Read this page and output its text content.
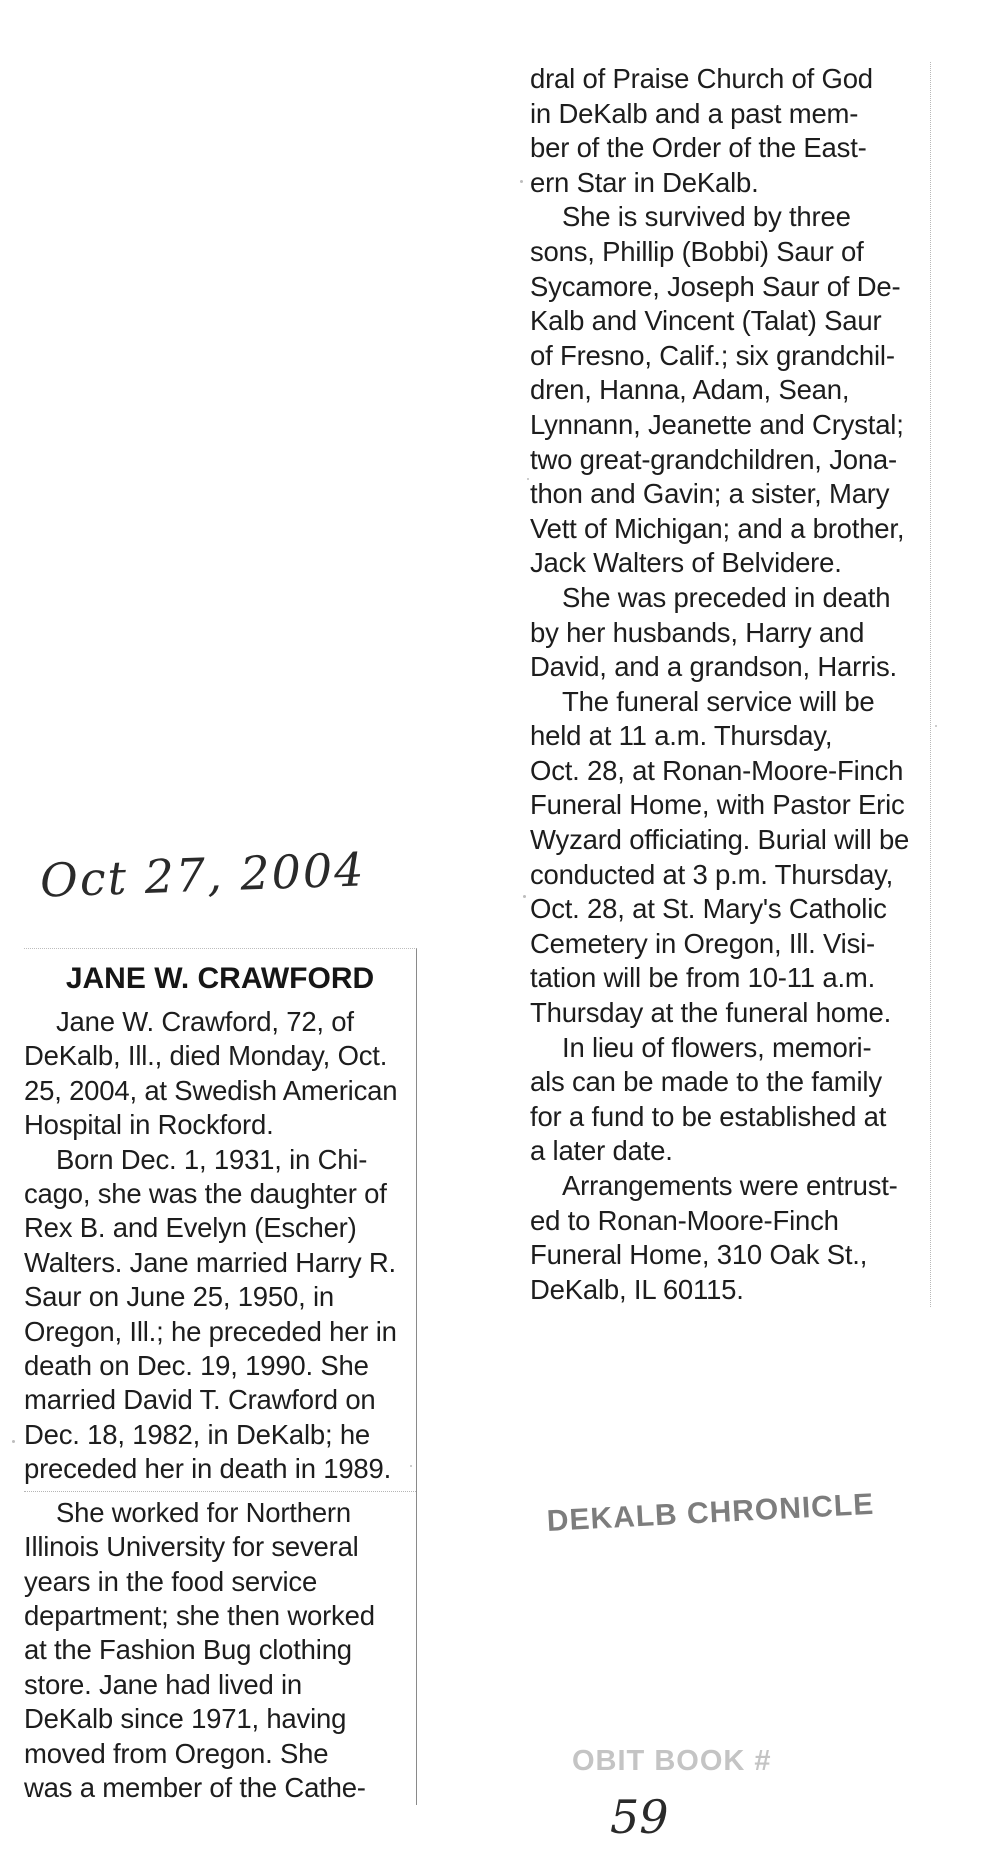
Oct 27, 2004
dral of Praise Church of God
in DeKalb and a past mem-
ber of the Order of the East-
ern Star in DeKalb.
She is survived by three
sons, Phillip (Bobbi) Saur of
Sycamore, Joseph Saur of De-
Kalb and Vincent (Talat) Saur
of Fresno, Calif.; six grandchil-
dren, Hanna, Adam, Sean,
Lynnann, Jeanette and Crystal;
two great-grandchildren, Jona-
thon and Gavin; a sister, Mary
Vett of Michigan; and a brother,
Jack Walters of Belvidere.
She was preceded in death
by her husbands, Harry and
David, and a grandson, Harris.
The funeral service will be
held at 11 a.m. Thursday,
Oct. 28, at Ronan-Moore-Finch
Funeral Home, with Pastor Eric
Wyzard officiating. Burial will be
conducted at 3 p.m. Thursday,
Oct. 28, at St. Mary's Catholic
Cemetery in Oregon, Ill. Visi-
tation will be from 10-11 a.m.
Thursday at the funeral home.
In lieu of flowers, memori-
als can be made to the family
for a fund to be established at
a later date.
Arrangements were entrust-
ed to Ronan-Moore-Finch
Funeral Home, 310 Oak St.,
DeKalb, IL 60115.
JANE W. CRAWFORD
Jane W. Crawford, 72, of
DeKalb, Ill., died Monday, Oct.
25, 2004, at Swedish American
Hospital in Rockford.
Born Dec. 1, 1931, in Chi-
cago, she was the daughter of
Rex B. and Evelyn (Escher)
Walters. Jane married Harry R.
Saur on June 25, 1950, in
Oregon, Ill.; he preceded her in
death on Dec. 19, 1990. She
married David T. Crawford on
Dec. 18, 1982, in DeKalb; he
preceded her in death in 1989.
She worked for Northern
Illinois University for several
years in the food service
department; she then worked
at the Fashion Bug clothing
store. Jane had lived in
DeKalb since 1971, having
moved from Oregon. She
was a member of the Cathe-
DEKALB CHRONICLE
OBIT BOOK #
59
